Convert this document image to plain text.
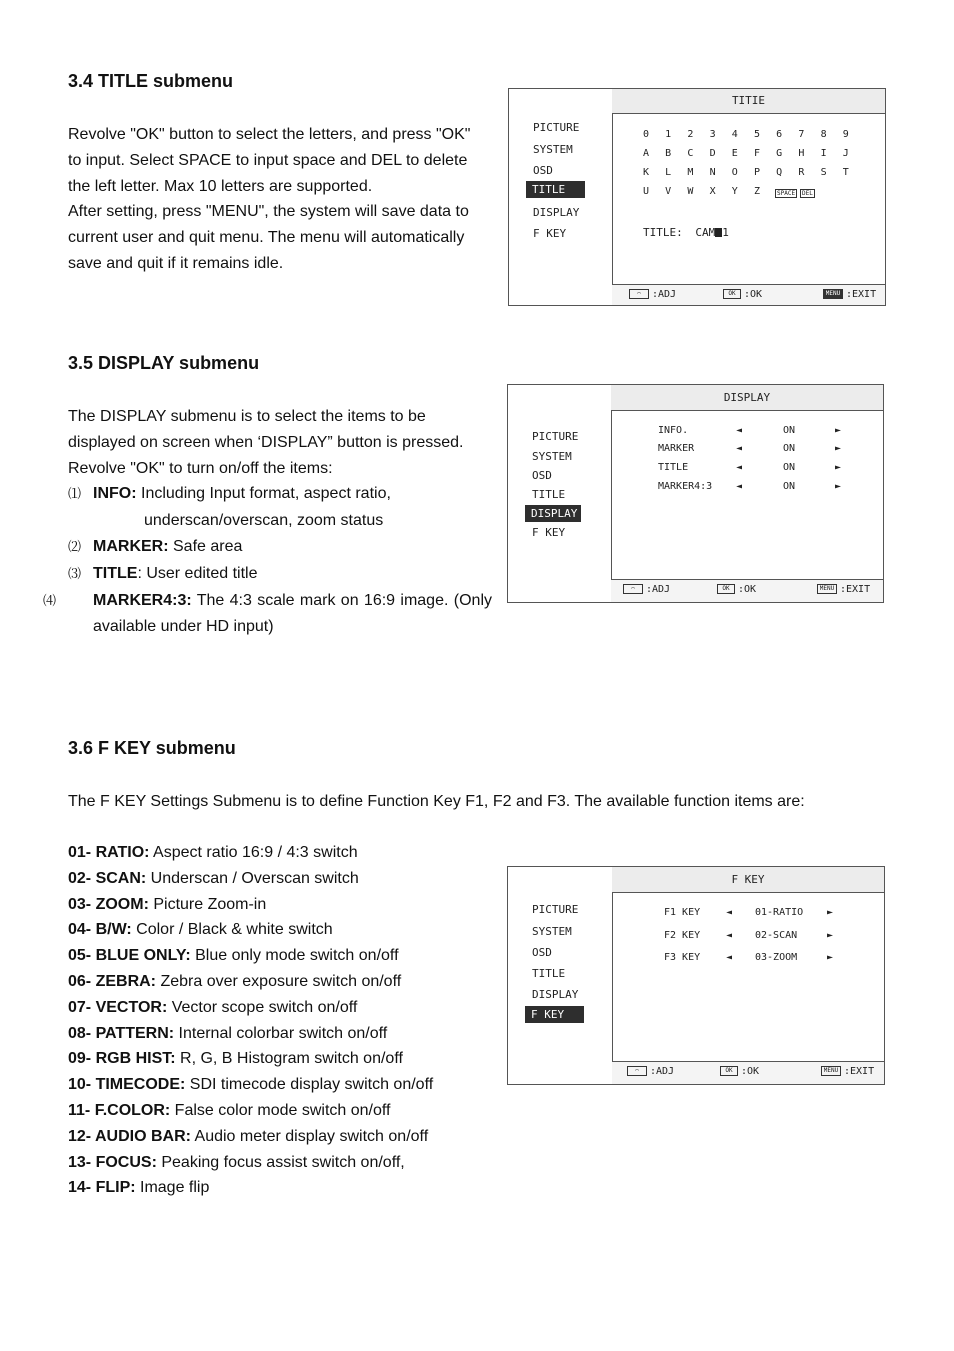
3.4 TITLE submenu

Revolve "OK" button to select the letters, and press "OK"

to input. Select SPACE to input space and DEL to delete

the left letter. Max 10 letters are supported.

After setting, press "MENU", the system will save data to

current user and quit menu. The menu will automatically

save and quit if it remains idle.

PICTURE
SYSTEM
OSD
TITLE
DISPLAY
F KEY
TITIE
0 1 2 3 4 5 6 7 8 9
A B C D E F G H I J
K L M N O P Q R S T
U V W X Y Z	SPACE	DEL
TITLE: CAM 1
⌒ :ADJ	OK :OK	MENU :EXIT
3.5 DISPLAY submenu

The DISPLAY submenu is to select the items to be

displayed on screen when ‘DISPLAY” button is pressed.

Revolve "OK" to turn on/off the items:

⑴ INFO: Including Input format, aspect ratio,

underscan/overscan, zoom status

⑵ MARKER: Safe area

⑶ TITLE: User edited title

⑷ MARKER4:3: The 4:3 scale mark on 16:9 image. (Only available under HD input)

PICTURE
SYSTEM
OSD
TITLE
DISPLAY
F KEY
DISPLAY
INFO.	◄	ON	►
MARKER	◄	ON	►
TITLE	◄	ON	►
MARKER4:3 ◄	ON	►
⌒ :ADJ	OK :OK	MENU :EXIT
3.6 F KEY submenu
The F KEY Settings Submenu is to define Function Key F1, F2 and F3. The available function items are:

01- RATIO: Aspect ratio 16:9 / 4:3 switch

02- SCAN: Underscan / Overscan switch

03- ZOOM: Picture Zoom-in

04- B/W: Color / Black & white switch

05- BLUE ONLY: Blue only mode switch on/off

06- ZEBRA: Zebra over exposure switch on/off

07- VECTOR: Vector scope switch on/off

08- PATTERN: Internal colorbar switch on/off

09- RGB HIST: R, G, B Histogram switch on/off

10- TIMECODE: SDI timecode display switch on/off

11- F.COLOR: False color mode switch on/off

12- AUDIO BAR: Audio meter display switch on/off

13- FOCUS: Peaking focus assist switch on/off,

14- FLIP: Image flip

PICTURE
SYSTEM
OSD
TITLE
DISPLAY
F KEY
F KEY
F1 KEY	◄ 01-RATIO ►
F2 KEY	◄ 02-SCAN	►
F3 KEY	◄ 03-ZOOM	►
⌒ :ADJ	OK :OK	MENU :EXIT
